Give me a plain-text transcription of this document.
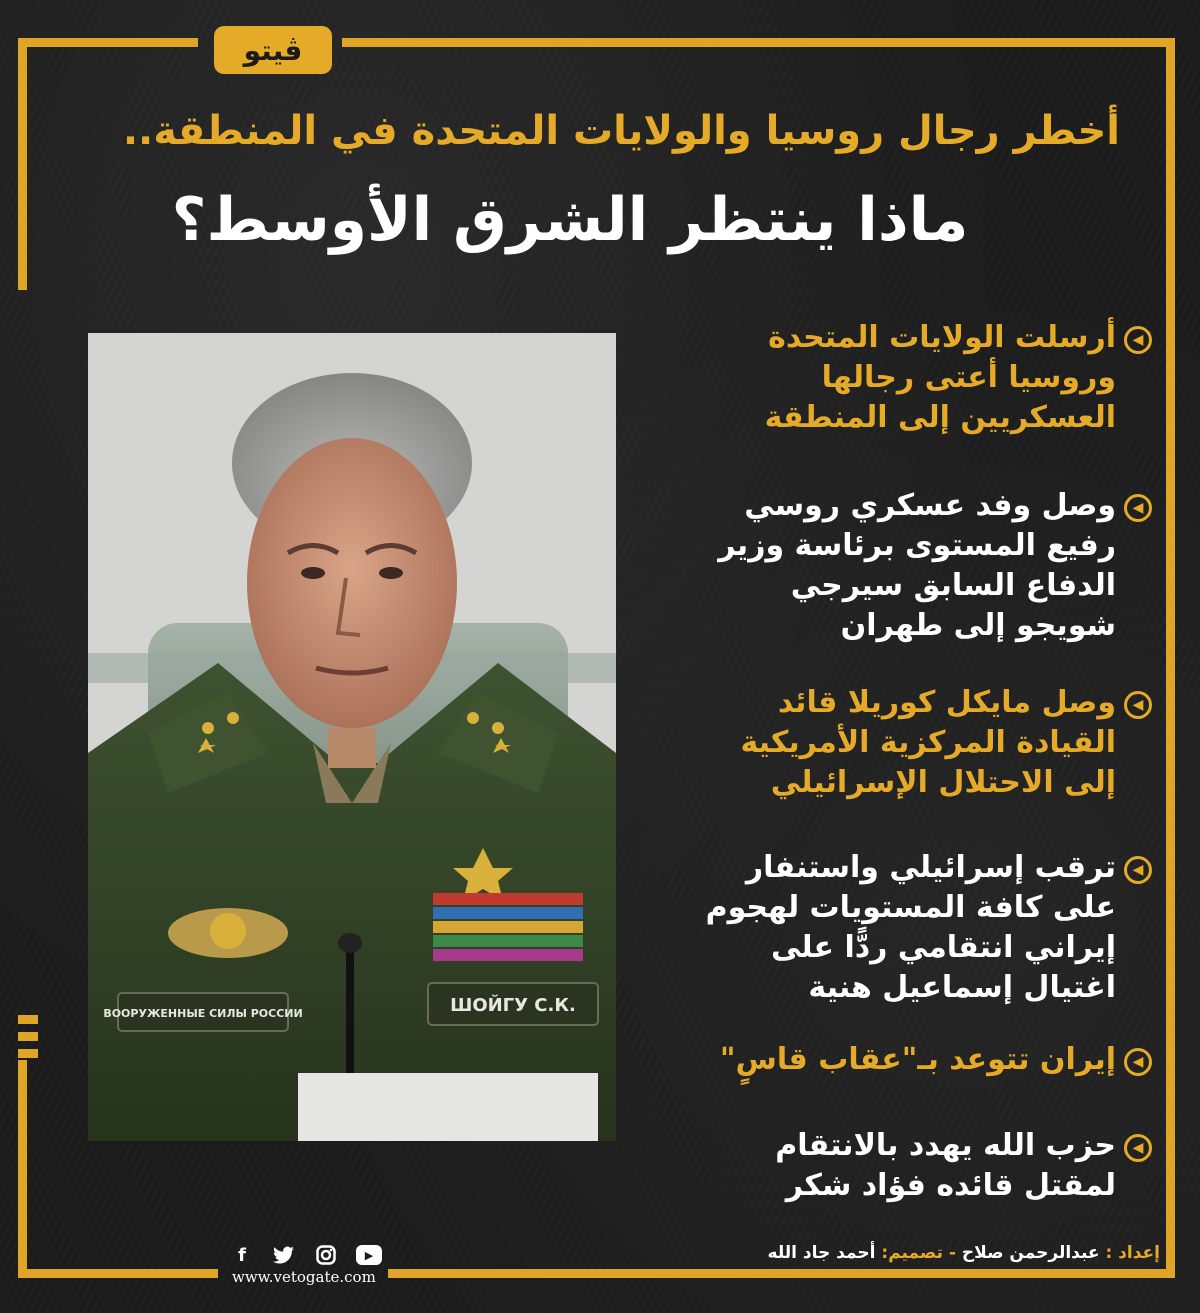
ڤيتو
أخطر رجال روسيا والولايات المتحدة في المنطقة..
ماذا ينتظر الشرق الأوسط؟
ВООРУЖЕННЫЕ СИЛЫ РОССИИ	ШОЙГУ С.К.
◀
أرسلت الولايات المتحدة
وروسيا أعتى رجالها
العسكريين إلى المنطقة
◀
وصل وفد عسكري روسي
رفيع المستوى برئاسة وزير
الدفاع السابق سيرجي
شويجو إلى طهران
◀
وصل مايكل كوريلا قائد
القيادة المركزية الأمريكية
إلى الاحتلال الإسرائيلي
◀
ترقب إسرائيلي واستنفار
على كافة المستويات لهجوم
إيراني انتقامي ردًّا على
اغتيال إسماعيل هنية
◀
إيران تتوعد بـ"عقاب قاسٍ"
◀
حزب الله يهدد بالانتقام
لمقتل قائده فؤاد شكر
إعداد : عبدالرحمن صلاح - تصميم: أحمد جاد الله
f	▶
www.vetogate.com
